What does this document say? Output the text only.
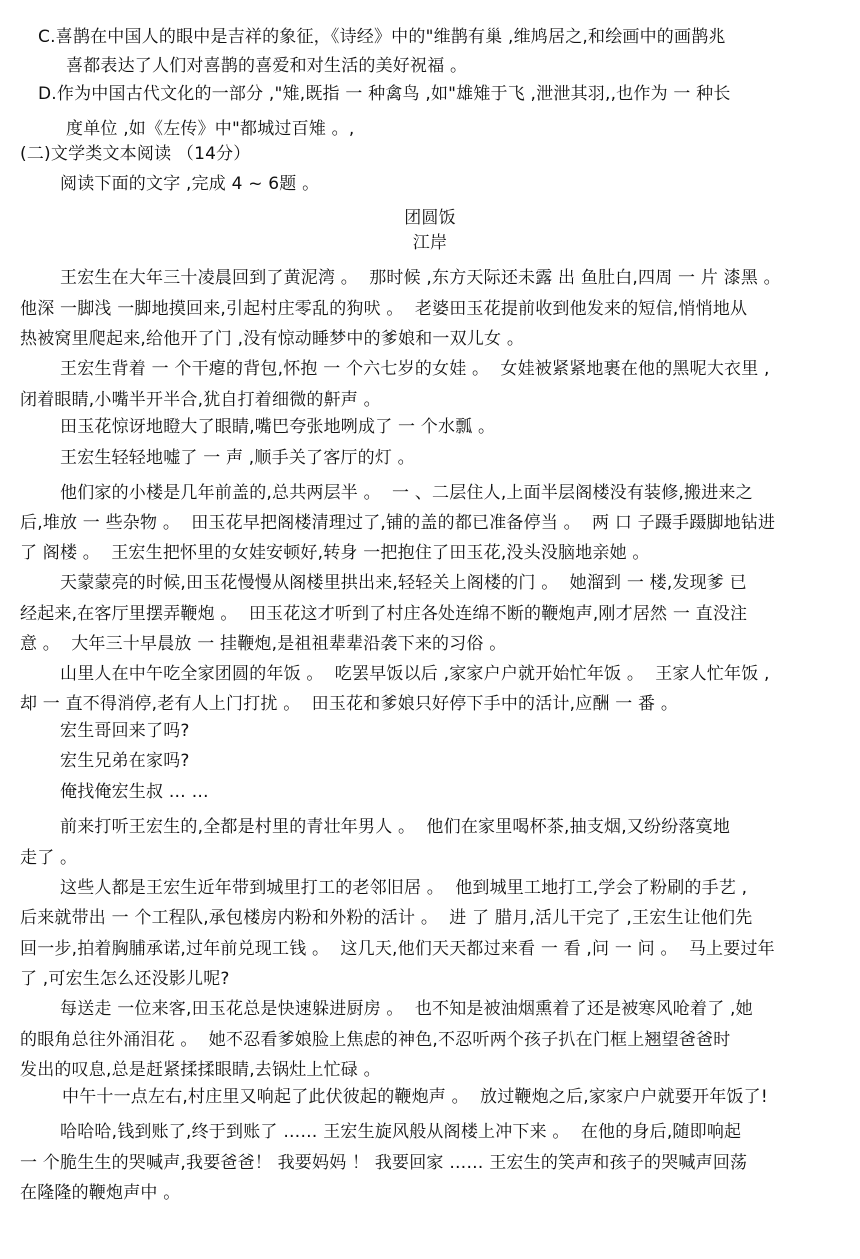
C.喜鹊在中国人的眼中是吉祥的象征，《诗经》中的"维鹊有巢 ,维鸠居之,和绘画中的画鹊兆
喜都表达了人们对喜鹊的喜爱和对生活的美好祝福 。
D.作为中国古代文化的一部分 ,"雉,既指 一 种禽鸟 ,如"雄雉于飞 ,泄泄其羽,,也作为 一 种长
度单位 ,如《左传》中"都城过百雉 。,
(二)文学类文本阅读 （14分）
阅读下面的文字 ,完成 4 ~ 6题 。
团圆饭
江岸
王宏生在大年三十凌晨回到了黄泥湾 。  那时候 ,东方天际还未露 出 鱼肚白,四周 一 片 漆黑 。
他深 一脚浅 一脚地摸回来,引起村庄零乱的狗吠 。  老婆田玉花提前收到他发来的短信,悄悄地从
热被窝里爬起来,给他开了门 ,没有惊动睡梦中的爹娘和一双儿女 。
王宏生背着 一 个干瘪的背包,怀抱 一 个六七岁的女娃 。  女娃被紧紧地裹在他的黑呢大衣里 ,
闭着眼睛,小嘴半开半合,犹自打着细微的鼾声 。
田玉花惊讶地瞪大了眼睛,嘴巴夸张地咧成了 一 个水瓢 。
王宏生轻轻地嘘了 一 声 ,顺手关了客厅的灯 。
他们家的小楼是几年前盖的,总共两层半 。  一 、二层住人,上面半层阁楼没有装修,搬进来之
后,堆放 一 些杂物 。  田玉花早把阁楼清理过了,铺的盖的都已准备停当 。  两 口 子蹑手蹑脚地钻进
了 阁楼 。  王宏生把怀里的女娃安顿好,转身 一把抱住了田玉花,没头没脑地亲她 。
天蒙蒙亮的时候,田玉花慢慢从阁楼里拱出来,轻轻关上阁楼的门 。  她溜到 一 楼,发现爹 已
经起来,在客厅里摆弄鞭炮 。  田玉花这才听到了村庄各处连绵不断的鞭炮声,刚才居然 一 直没注
意 。  大年三十早晨放 一 挂鞭炮,是祖祖辈辈沿袭下来的习俗 。
山里人在中午吃全家团圆的年饭 。  吃罢早饭以后 ,家家户户就开始忙年饭 。  王家人忙年饭 ,
却 一 直不得消停,老有人上门打扰 。  田玉花和爹娘只好停下手中的活计,应酬 一 番 。
宏生哥回来了吗?
宏生兄弟在家吗?
俺找俺宏生叔 … …
前来打听王宏生的,全都是村里的青壮年男人 。  他们在家里喝杯茶,抽支烟,又纷纷落寞地
走了 。
这些人都是王宏生近年带到城里打工的老邻旧居 。  他到城里工地打工,学会了粉刷的手艺 ,
后来就带出 一 个工程队,承包楼房内粉和外粉的活计 。  进 了 腊月,活儿干完了 ,王宏生让他们先
回一步,拍着胸脯承诺,过年前兑现工钱 。  这几天,他们天天都过来看 一 看 ,问 一 问 。  马上要过年
了 ,可宏生怎么还没影儿呢?
每送走 一位来客,田玉花总是快速躲进厨房 。  也不知是被油烟熏着了还是被寒风呛着了 ,她
的眼角总往外涌泪花 。  她不忍看爹娘脸上焦虑的神色,不忍听两个孩子扒在门框上翘望爸爸时
发出的叹息,总是赶紧揉揉眼睛,去锅灶上忙碌 。
中午十一点左右,村庄里又响起了此伏彼起的鞭炮声 。  放过鞭炮之后,家家户户就要开年饭了!
哈哈哈,钱到账了,终于到账了 …… 王宏生旋风般从阁楼上冲下来 。  在他的身后,随即响起
一 个脆生生的哭喊声,我要爸爸！ 我要妈妈 ！ 我要回家 …… 王宏生的笑声和孩子的哭喊声回荡
在隆隆的鞭炮声中 。
